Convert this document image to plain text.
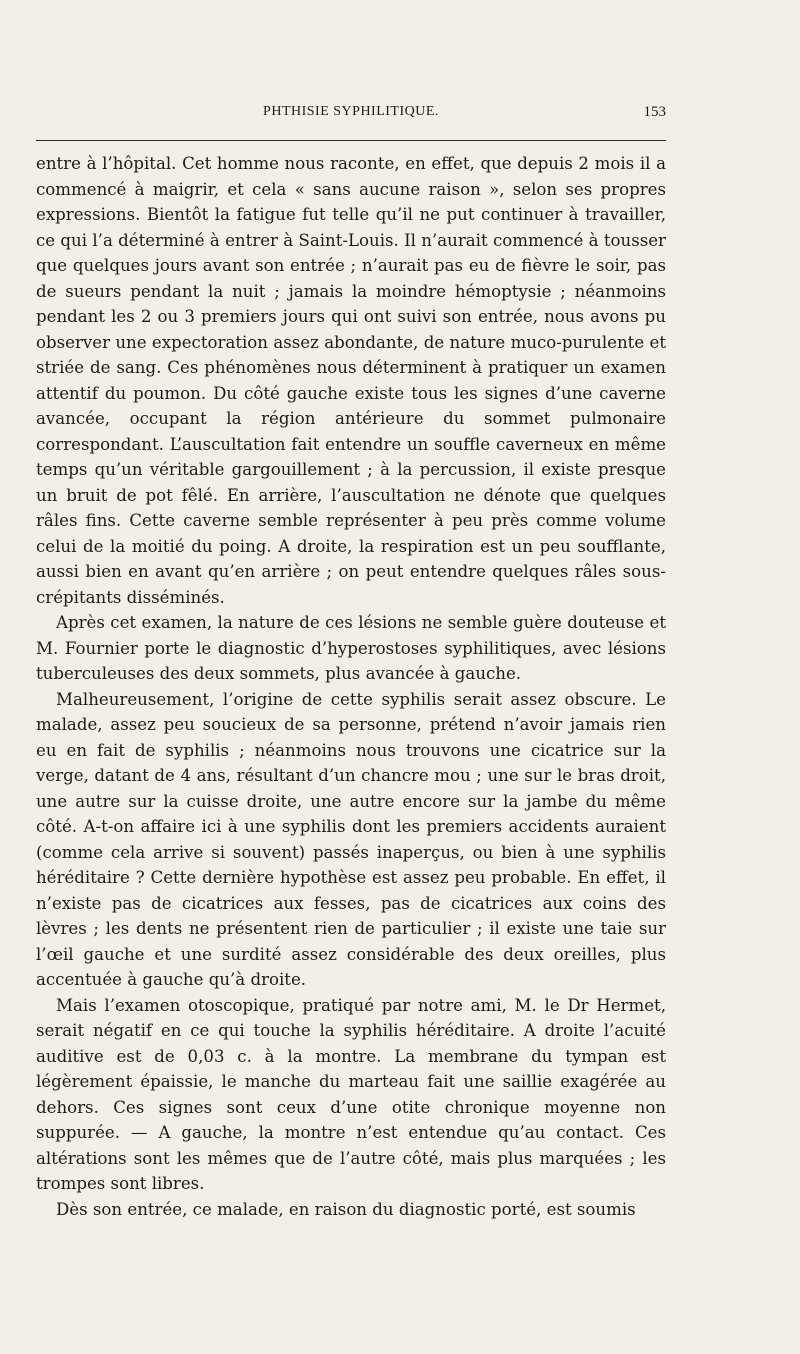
PHTHISIE SYPHILITIQUE.	153

entre à l’hôpital. Cet homme nous raconte, en effet, que depuis 2 mois il a commencé à maigrir, et cela « sans aucune raison », selon ses propres expressions. Bientôt la fatigue fut telle qu’il ne put continuer à travailler, ce qui l’a déterminé à entrer à Saint-Louis. Il n’aurait commencé à tousser que quelques jours avant son entrée ; n’aurait pas eu de fièvre le soir, pas de sueurs pendant la nuit ; jamais la moindre hémoptysie ; néanmoins pendant les 2 ou 3 premiers jours qui ont suivi son entrée, nous avons pu observer une expectoration assez abondante, de nature muco-purulente et striée de sang. Ces phénomènes nous déterminent à pratiquer un examen attentif du poumon. Du côté gauche existe tous les signes d’une caverne avancée, occupant la région antérieure du sommet pulmonaire correspondant. L’auscultation fait entendre un souffle caverneux en même temps qu’un véritable gargouillement ; à la percussion, il existe presque un bruit de pot fêlé. En arrière, l’auscultation ne dénote que quelques râles fins. Cette caverne semble représenter à peu près comme volume celui de la moitié du poing. A droite, la respiration est un peu soufflante, aussi bien en avant qu’en arrière ; on peut entendre quelques râles sous-crépitants disséminés.

Après cet examen, la nature de ces lésions ne semble guère douteuse et M. Fournier porte le diagnostic d’hyperostoses syphilitiques, avec lésions tuberculeuses des deux sommets, plus avancée à gauche.

Malheureusement, l’origine de cette syphilis serait assez obscure. Le malade, assez peu soucieux de sa personne, prétend n’avoir jamais rien eu en fait de syphilis ; néanmoins nous trouvons une cicatrice sur la verge, datant de 4 ans, résultant d’un chancre mou ; une sur le bras droit, une autre sur la cuisse droite, une autre encore sur la jambe du même côté. A-t-on affaire ici à une syphilis dont les premiers accidents auraient (comme cela arrive si souvent) passés inaperçus, ou bien à une syphilis héréditaire ? Cette dernière hypothèse est assez peu probable. En effet, il n’existe pas de cicatrices aux fesses, pas de cicatrices aux coins des lèvres ; les dents ne présentent rien de particulier ; il existe une taie sur l’œil gauche et une surdité assez considérable des deux oreilles, plus accentuée à gauche qu’à droite.

Mais l’examen otoscopique, pratiqué par notre ami, M. le Dr Hermet, serait négatif en ce qui touche la syphilis héréditaire. A droite l’acuité auditive est de 0,03 c. à la montre. La membrane du tympan est légèrement épaissie, le manche du marteau fait une saillie exagérée au dehors. Ces signes sont ceux d’une otite chronique moyenne non suppurée. — A gauche, la montre n’est entendue qu’au contact. Ces altérations sont les mêmes que de l’autre côté, mais plus marquées ; les trompes sont libres.

Dès son entrée, ce malade, en raison du diagnostic porté, est soumis
